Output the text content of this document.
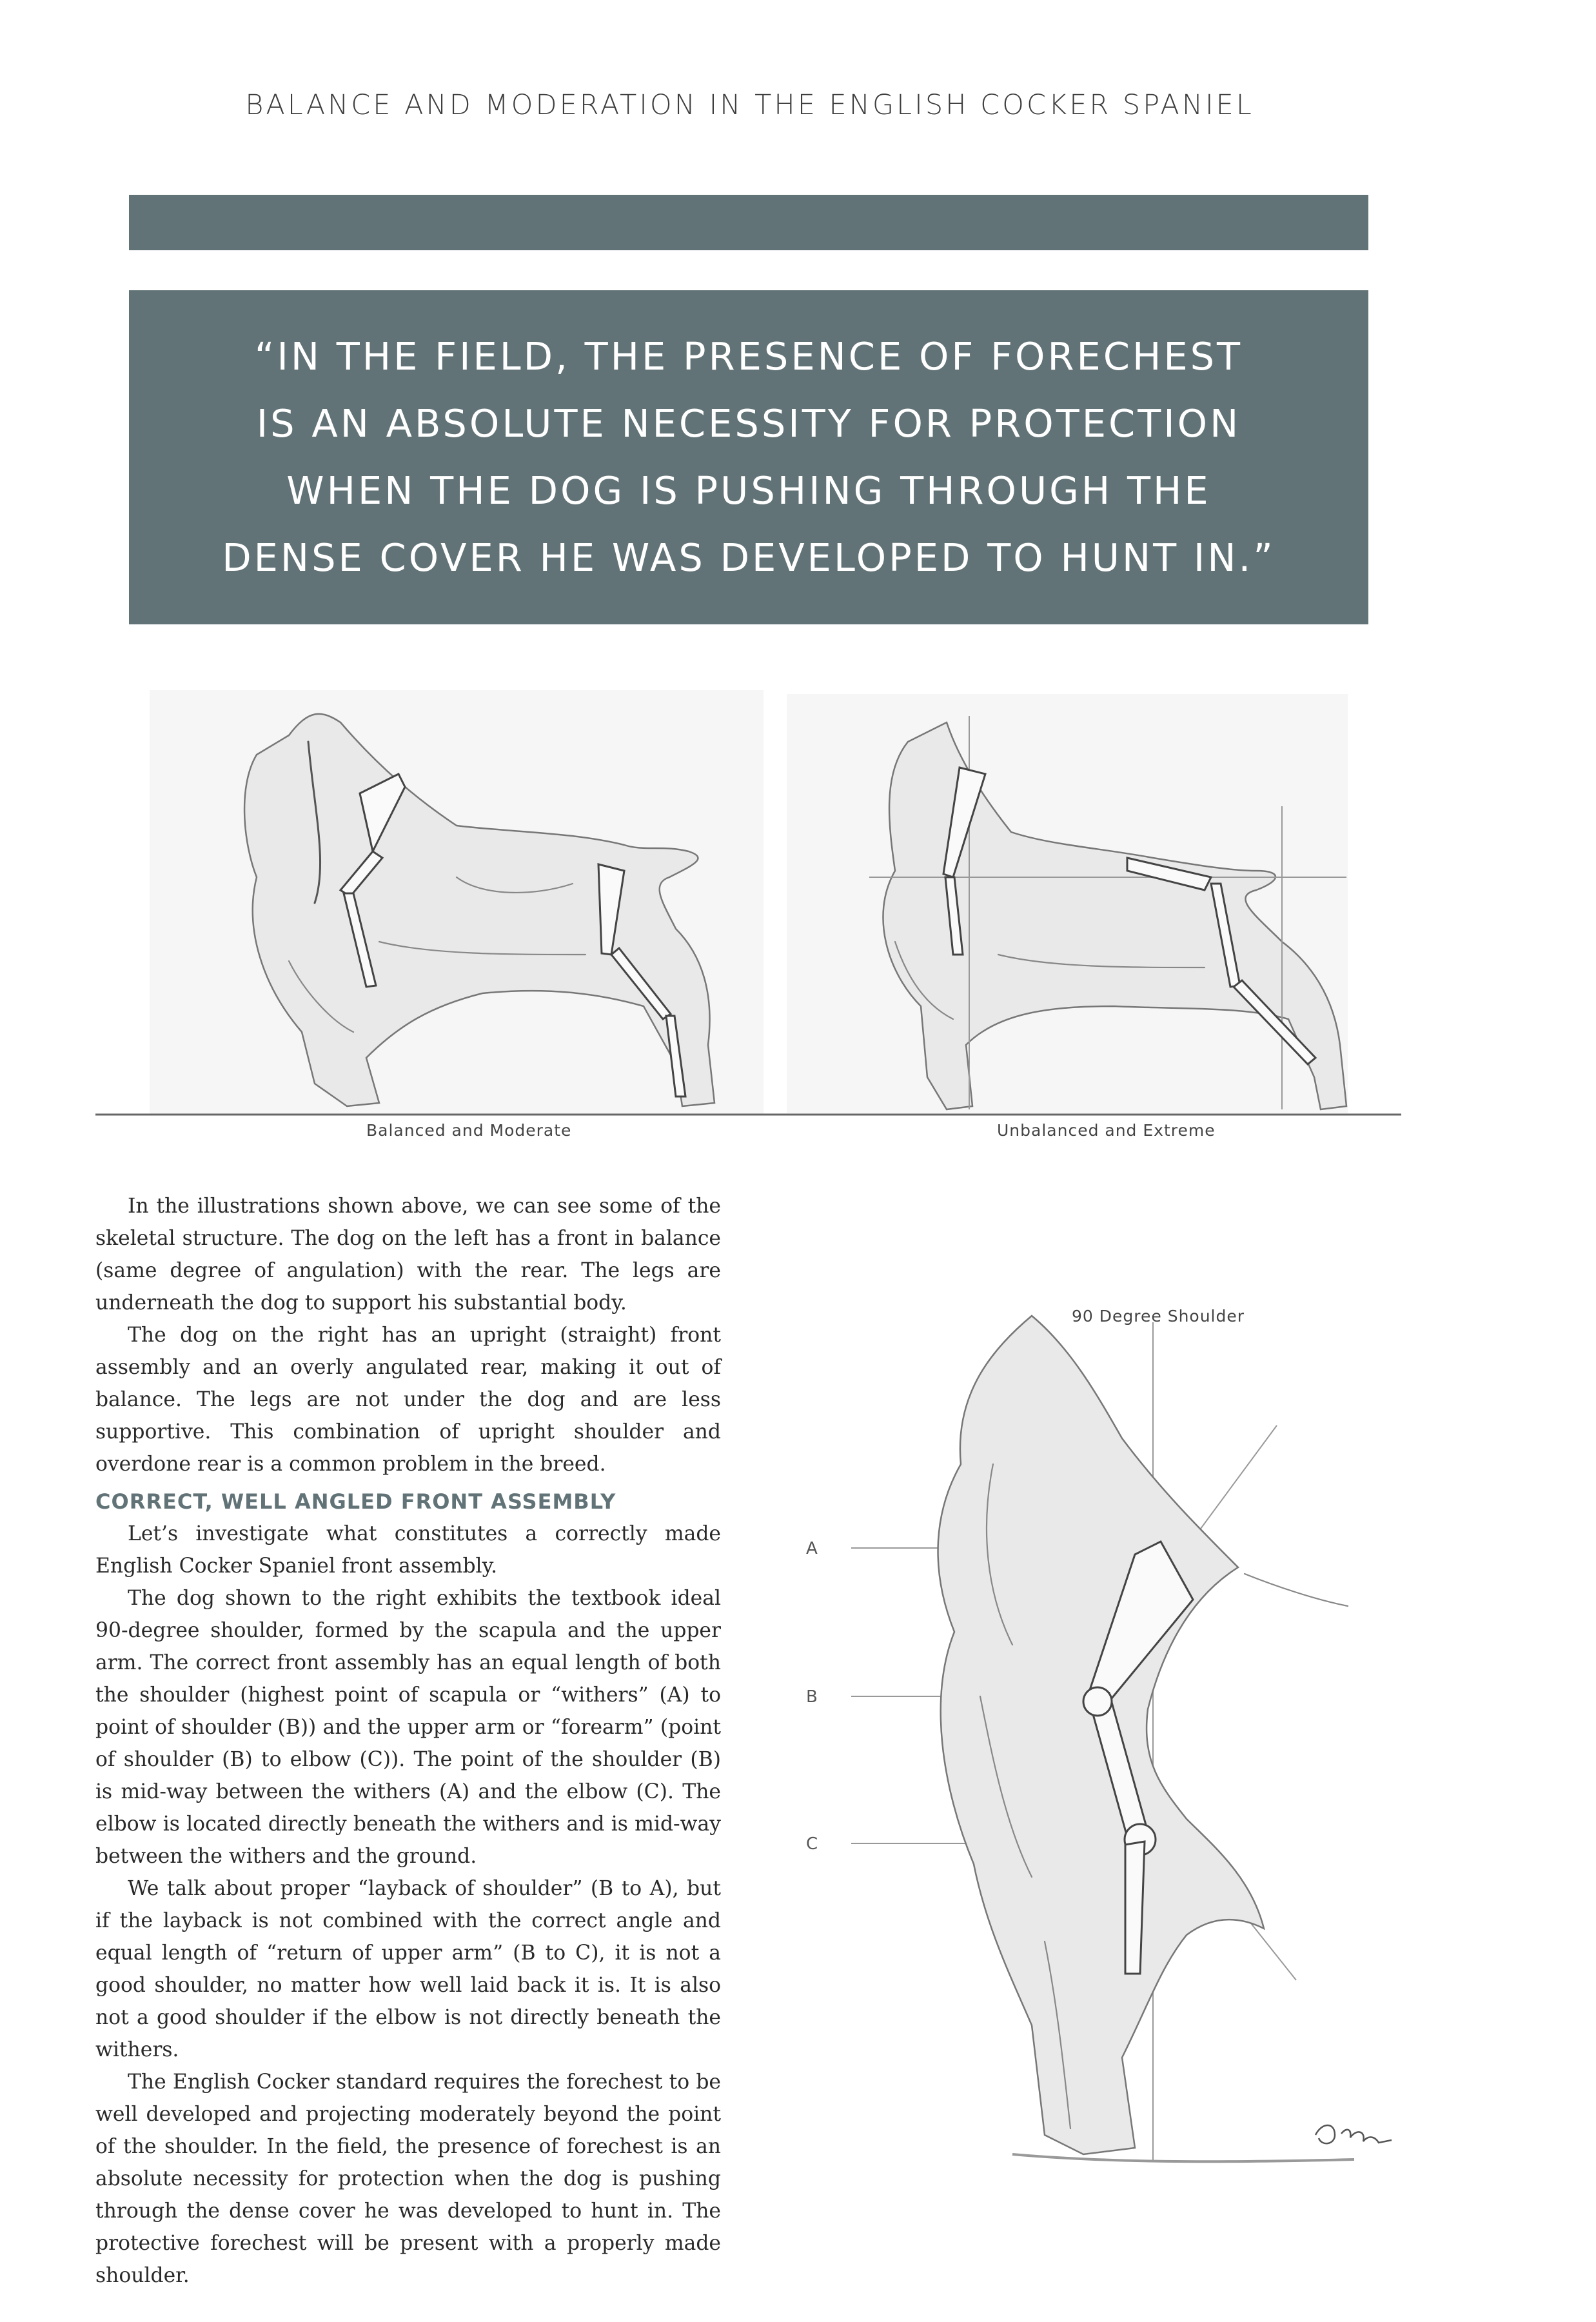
BALANCE AND MODERATION IN THE ENGLISH COCKER SPANIEL
“IN THE FIELD, THE PRESENCE OF FORECHEST
IS AN ABSOLUTE NECESSITY FOR PROTECTION
WHEN THE DOG IS PUSHING THROUGH THE
DENSE COVER HE WAS DEVELOPED TO HUNT IN.”
Balanced and Moderate	Unbalanced and Extreme

In the illustrations shown above, we can see some of the skeletal structure. The dog on the left has a front in balance (same degree of angulation) with the rear. The legs are underneath the dog to support his substantial body.

The dog on the right has an upright (straight) front assembly and an overly angulated rear, making it out of balance. The legs are not under the dog and are less supportive. This combination of upright shoulder and overdone rear is a common problem in the breed.

CORRECT, WELL ANGLED FRONT ASSEMBLY

Let’s investigate what constitutes a correctly made English Cocker Spaniel front assembly.

The dog shown to the right exhibits the textbook ideal 90-degree shoulder, formed by the scapula and the upper arm. The correct front assembly has an equal length of both the shoulder (highest point of scapula or “withers” (A) to point of shoulder (B)) and the upper arm or “forearm” (point of shoulder (B) to elbow (C)). The point of the shoulder (B) is mid-way between the withers (A) and the elbow (C). The elbow is located directly beneath the withers and is mid-way between the withers and the ground.

We talk about proper “layback of shoulder” (B to A), but if the layback is not combined with the correct angle and equal length of “return of upper arm” (B to C), it is not a good shoulder, no matter how well laid back it is. It is also not a good shoulder if the elbow is not directly beneath the withers.

The English Cocker standard requires the forechest to be well developed and projecting moderately beyond the point of the shoulder. In the field, the presence of forechest is an absolute necessity for protection when the dog is pushing through the dense cover he was developed to hunt in. The protective forechest will be present with a properly made shoulder.

90 Degree Shoulder
A
B
C
